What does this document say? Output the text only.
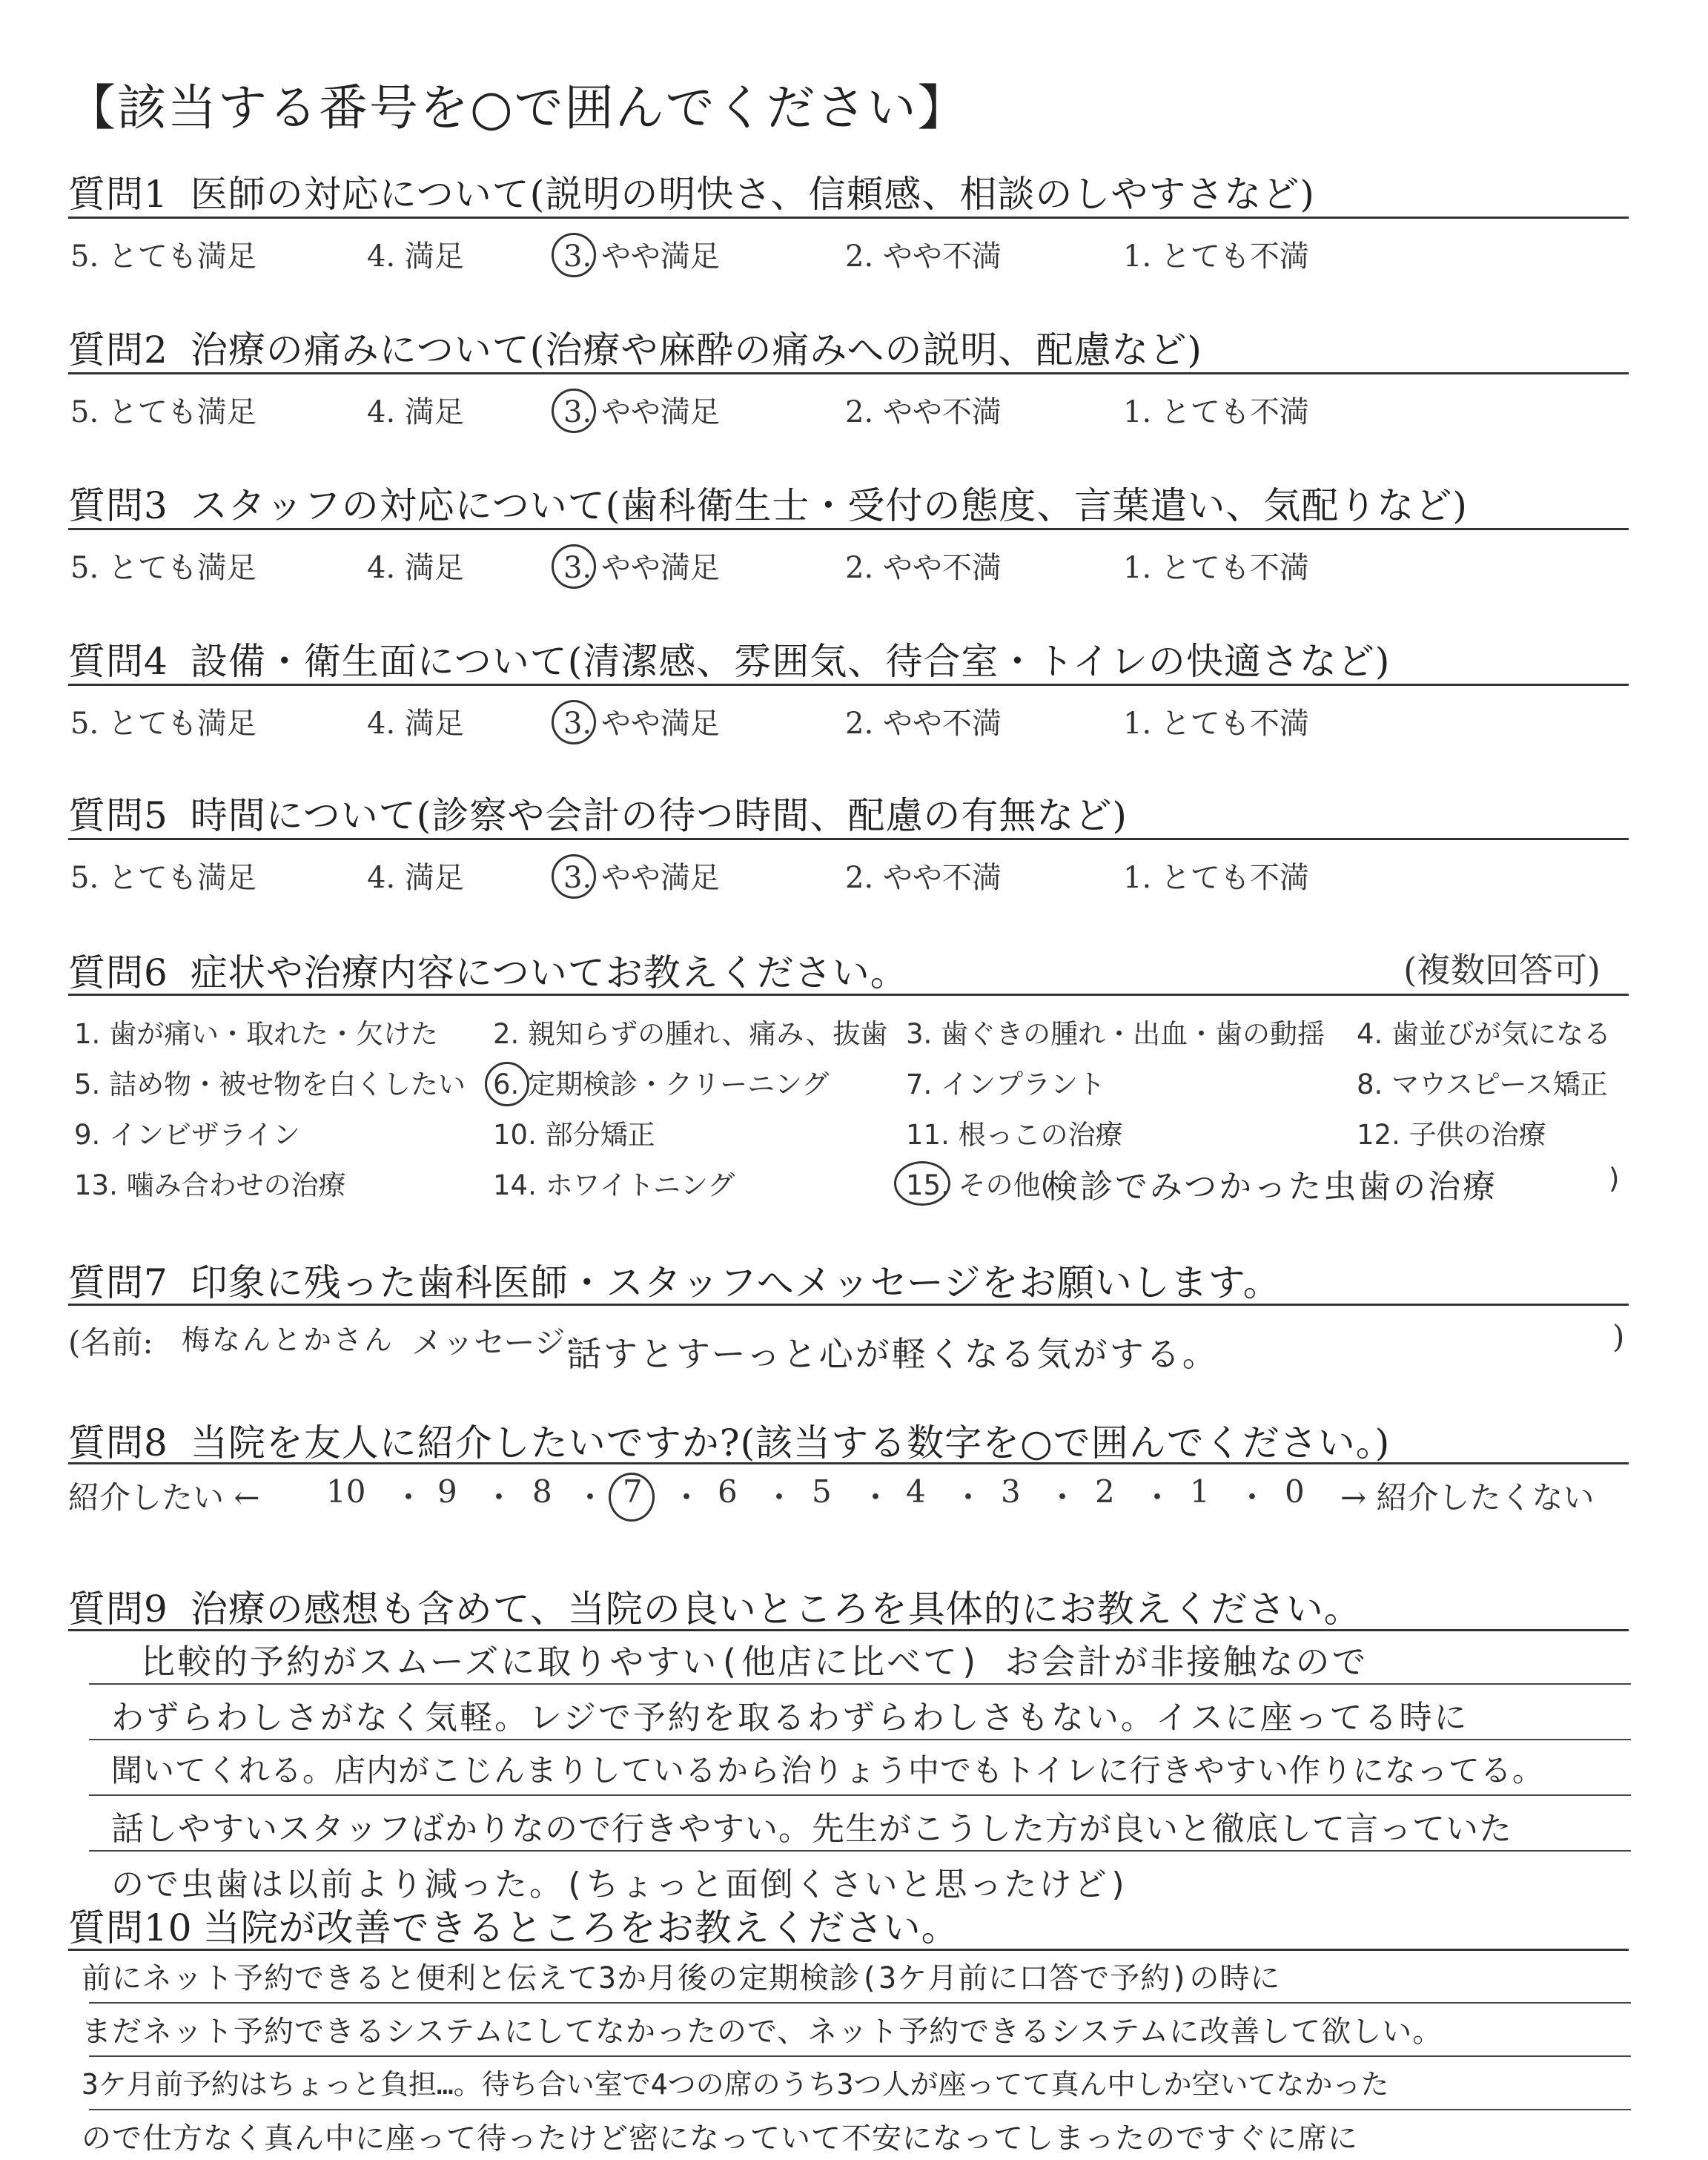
【該当する番号を○で囲んでください】
質問1 医師の対応について(説明の明快さ、信頼感、相談のしやすさなど)
5. とても満足	4. 満足	3. やや満足	2. やや不満	1. とても不満
質問2 治療の痛みについて(治療や麻酔の痛みへの説明、配慮など)
5. とても満足	4. 満足	3. やや満足	2. やや不満	1. とても不満
質問3 スタッフの対応について(歯科衛生士・受付の態度、言葉遣い、気配りなど)
5. とても満足	4. 満足	3. やや満足	2. やや不満	1. とても不満
質問4 設備・衛生面について(清潔感、雰囲気、待合室・トイレの快適さなど)
5. とても満足	4. 満足	3. やや満足	2. やや不満	1. とても不満
質問5 時間について(診察や会計の待つ時間、配慮の有無など)
5. とても満足	4. 満足	3. やや満足	2. やや不満	1. とても不満
質問6 症状や治療内容についてお教えください。	(複数回答可)
1. 歯が痛い・取れた・欠けた 2. 親知らずの腫れ、痛み、抜歯 3. 歯ぐきの腫れ・出血・歯の動揺 4. 歯並びが気になる
5. 詰め物・被せ物を白くしたい 6. 定期検診・クリーニング	7. インプラント	8. マウスピース矯正
9. インビザライン	10. 部分矯正	11. 根っこの治療	12. 子供の治療
13. 噛み合わせの治療	14. ホワイトニング	15. その他(
検診でみつかった虫歯の治療	)
質問7 印象に残った歯科医師・スタッフへメッセージをお願いします。
(名前: 梅なんとかさん メッセージ:
話すとすーっと心が軽くなる気がする。	)
質問8 当院を友人に紹介したいですか?(該当する数字を○で囲んでください。)
紹介したい ← 10 ・ 9 ・ 8 ・ 7 ・ 6 ・ 5 ・ 4 ・ 3 ・ 2 ・ 1 ・ 0 → 紹介したくない
質問9 治療の感想も含めて、当院の良いところを具体的にお教えください。
比較的予約がスムーズに取りやすい(他店に比べて) お会計が非接触なので
わずらわしさがなく気軽。レジで予約を取るわずらわしさもない。イスに座ってる時に
聞いてくれる。店内がこじんまりしているから治りょう中でもトイレに行きやすい作りになってる。
話しやすいスタッフばかりなので行きやすい。先生がこうした方が良いと徹底して言っていた
ので虫歯は以前より減った。(ちょっと面倒くさいと思ったけど)
質問10 当院が改善できるところをお教えください。
前にネット予約できると便利と伝えて3か月後の定期検診(3ケ月前に口答で予約)の時に
まだネット予約できるシステムにしてなかったので、ネット予約できるシステムに改善して欲しい。
3ケ月前予約はちょっと負担…。待ち合い室で4つの席のうち3つ人が座ってて真ん中しか空いてなかった
ので仕方なく真ん中に座って待ったけど密になっていて不安になってしまったのですぐに席に
